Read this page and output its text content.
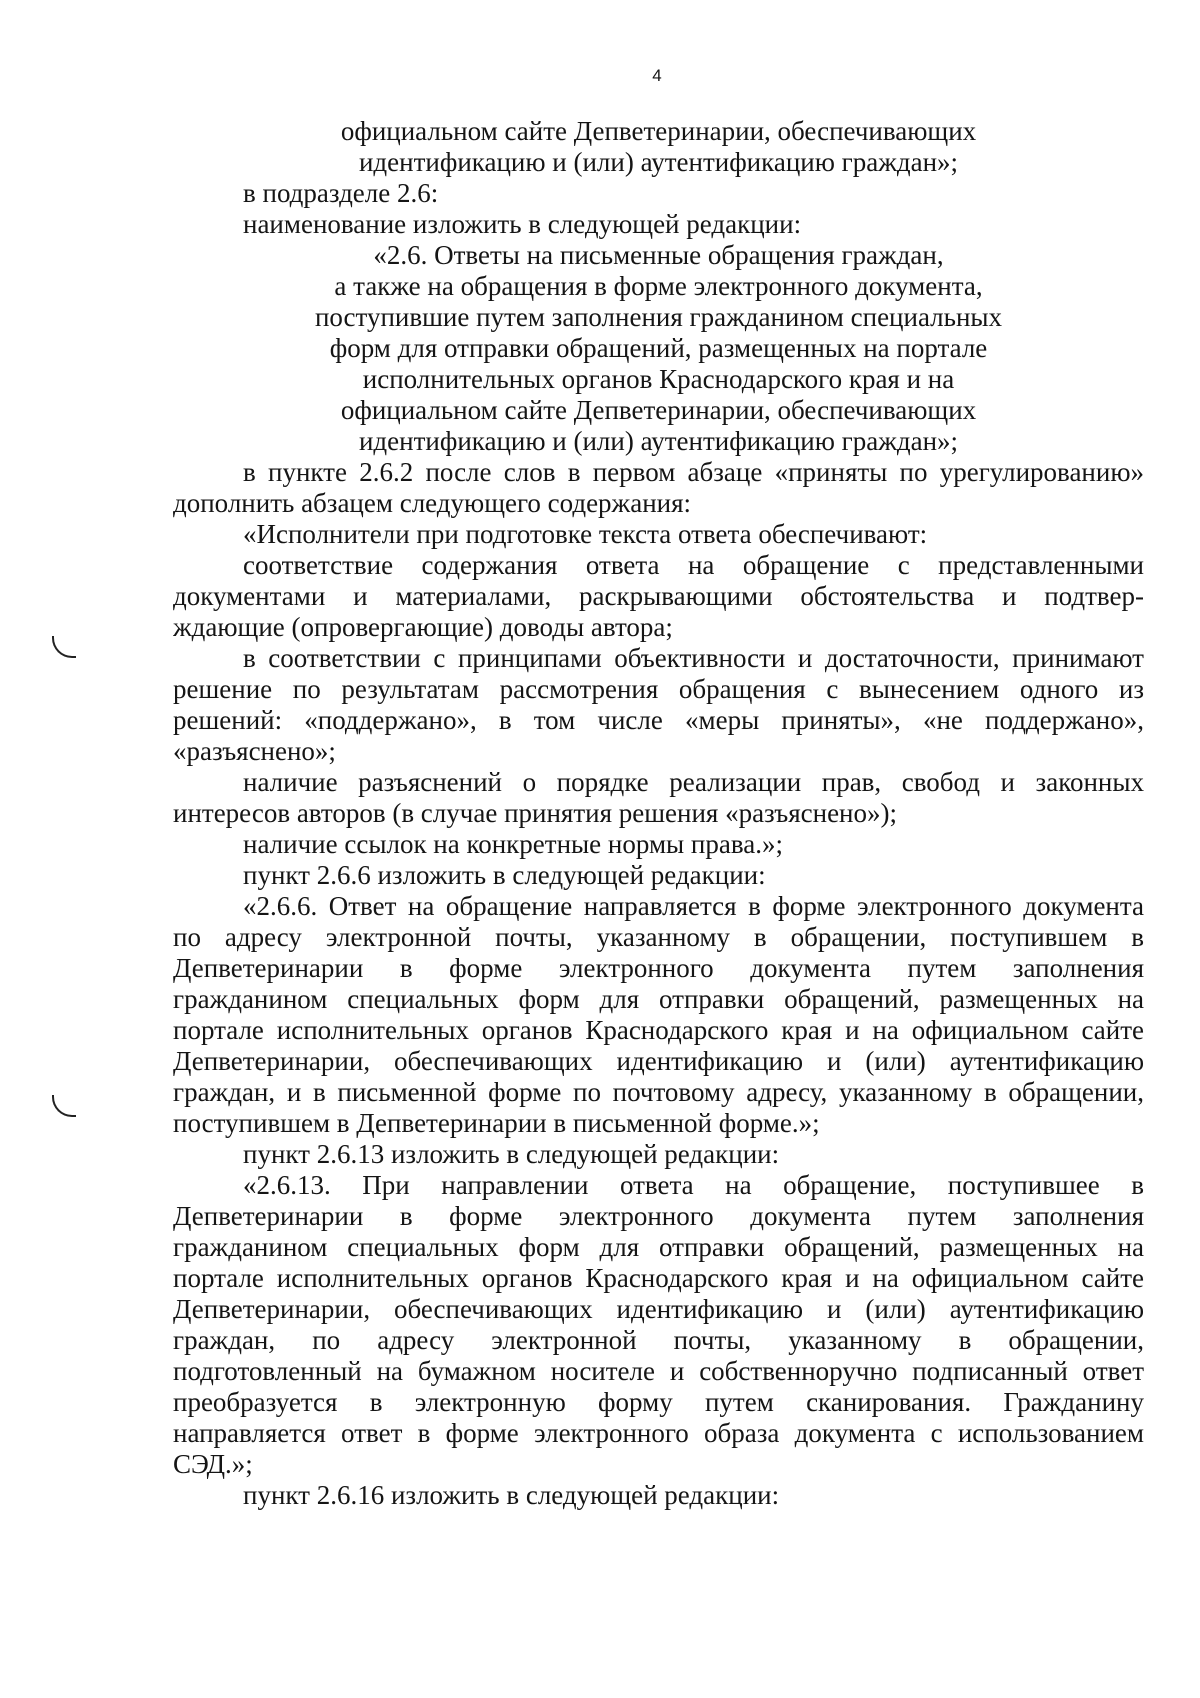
4
официальном сайте Депветеринарии, обеспечивающих
идентификацию и (или) аутентификацию граждан»;
в подразделе 2.6:
наименование изложить в следующей редакции:
«2.6. Ответы на письменные обращения граждан,
а также на обращения в форме электронного документа,
поступившие путем заполнения гражданином специальных
форм для отправки обращений, размещенных на портале
исполнительных органов Краснодарского края и на
официальном сайте Депветеринарии, обеспечивающих
идентификацию и (или) аутентификацию граждан»;
в пункте 2.6.2 после слов в первом абзаце «приняты по урегулированию»
дополнить абзацем следующего содержания:
«Исполнители при подготовке текста ответа обеспечивают:
соответствие содержания ответа на обращение с представленными
документами и материалами, раскрывающими обстоятельства и подтвер-
ждающие (опровергающие) доводы автора;
в соответствии с принципами объективности и достаточности, принимают
решение по результатам рассмотрения обращения с вынесением одного из
решений: «поддержано», в том числе «меры приняты», «не поддержано»,
«разъяснено»;
наличие разъяснений о порядке реализации прав, свобод и законных
интересов авторов (в случае принятия решения «разъяснено»);
наличие ссылок на конкретные нормы права.»;
пункт 2.6.6 изложить в следующей редакции:
«2.6.6. Ответ на обращение направляется в форме электронного документа
по адресу электронной почты, указанному в обращении, поступившем в
Депветеринарии в форме электронного документа путем заполнения
гражданином специальных форм для отправки обращений, размещенных на
портале исполнительных органов Краснодарского края и на официальном сайте
Депветеринарии, обеспечивающих идентификацию и (или) аутентификацию
граждан, и в письменной форме по почтовому адресу, указанному в обращении,
поступившем в Депветеринарии в письменной форме.»;
пункт 2.6.13 изложить в следующей редакции:
«2.6.13. При направлении ответа на обращение, поступившее в
Депветеринарии в форме электронного документа путем заполнения
гражданином специальных форм для отправки обращений, размещенных на
портале исполнительных органов Краснодарского края и на официальном сайте
Депветеринарии, обеспечивающих идентификацию и (или) аутентификацию
граждан, по адресу электронной почты, указанному в обращении,
подготовленный на бумажном носителе и собственноручно подписанный ответ
преобразуется в электронную форму путем сканирования. Гражданину
направляется ответ в форме электронного образа документа с использованием
СЭД.»;
пункт 2.6.16 изложить в следующей редакции:
